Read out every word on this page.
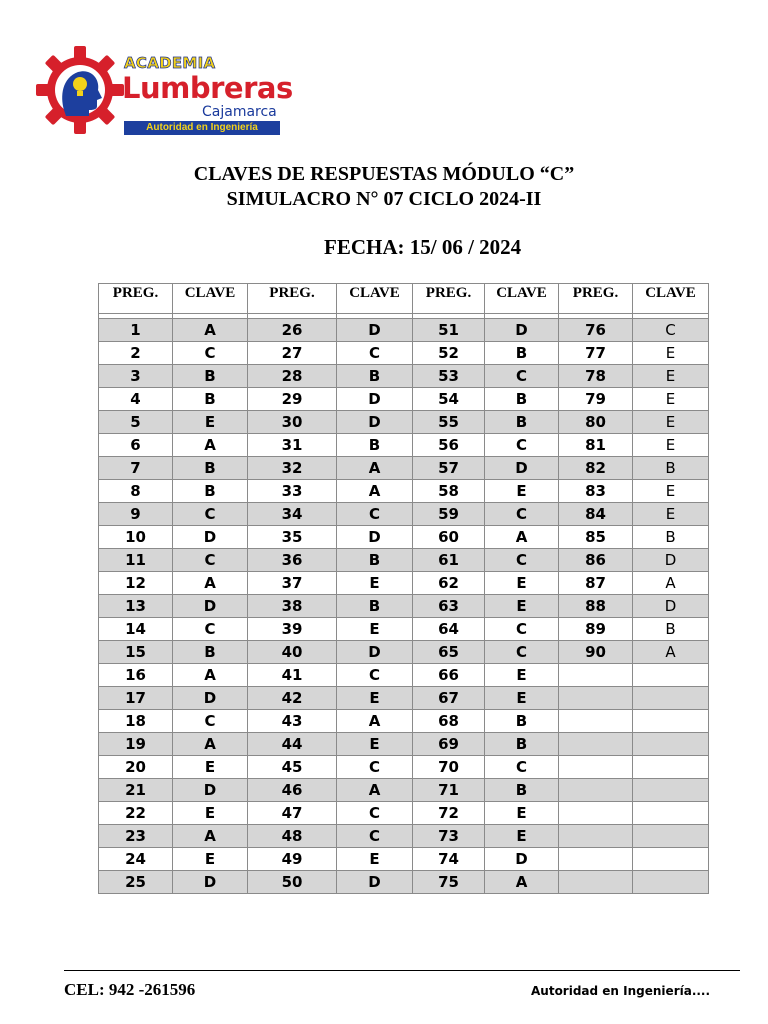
ACADEMIA
Lumbreras
Cajamarca
Autoridad en Ingeniería
CLAVES DE RESPUESTAS MÓDULO “C”
SIMULACRO N° 07 CICLO 2024-II
FECHA: 15/ 06 / 2024
PREG.	CLAVE	PREG.	CLAVE	PREG.	CLAVE	PREG.	CLAVE

1	A	26	D	51	D	76	C
2	C	27	C	52	B	77	E
3	B	28	B	53	C	78	E
4	B	29	D	54	B	79	E
5	E	30	D	55	B	80	E
6	A	31	B	56	C	81	E
7	B	32	A	57	D	82	B
8	B	33	A	58	E	83	E
9	C	34	C	59	C	84	E
10	D	35	D	60	A	85	B
11	C	36	B	61	C	86	D
12	A	37	E	62	E	87	A
13	D	38	B	63	E	88	D
14	C	39	E	64	C	89	B
15	B	40	D	65	C	90	A
16	A	41	C	66	E		
17	D	42	E	67	E		
18	C	43	A	68	B		
19	A	44	E	69	B		
20	E	45	C	70	C		
21	D	46	A	71	B		
22	E	47	C	72	E		
23	A	48	C	73	E		
24	E	49	E	74	D		
25	D	50	D	75	A		
CEL: 942 -261596	Autoridad en Ingeniería....
